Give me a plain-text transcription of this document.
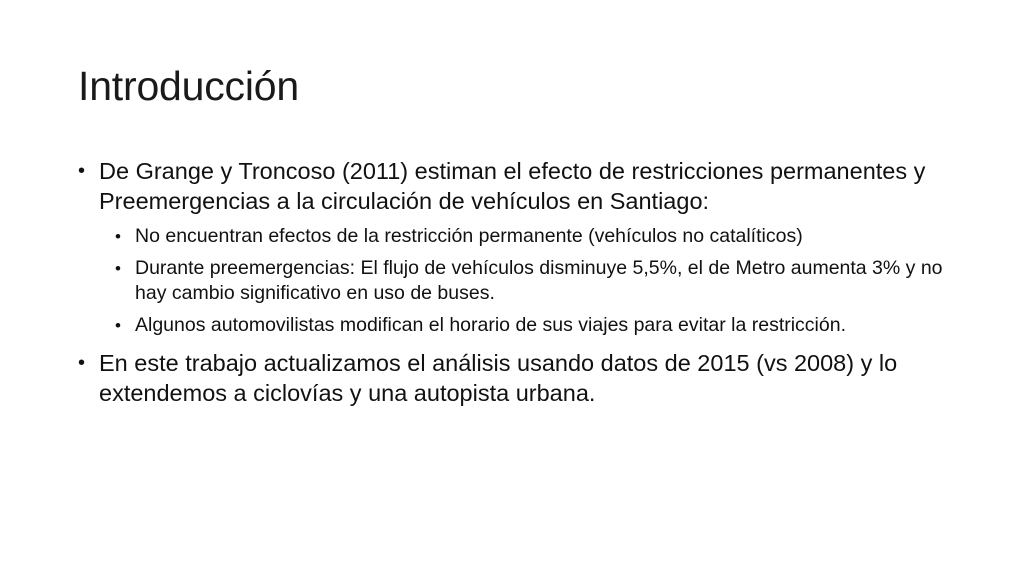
Introducción
• De Grange y Troncoso (2011) estiman el efecto de restricciones permanentes y Preemergencias a la circulación de vehículos en Santiago:
• No encuentran efectos de la restricción permanente (vehículos no catalíticos)
• Durante preemergencias: El flujo de vehículos disminuye 5,5%, el de Metro aumenta 3% y no hay cambio significativo en uso de buses.
• Algunos automovilistas modifican el horario de sus viajes para evitar la restricción.
• En este trabajo actualizamos el análisis usando datos de 2015 (vs 2008) y lo extendemos a ciclovías y una autopista urbana.
